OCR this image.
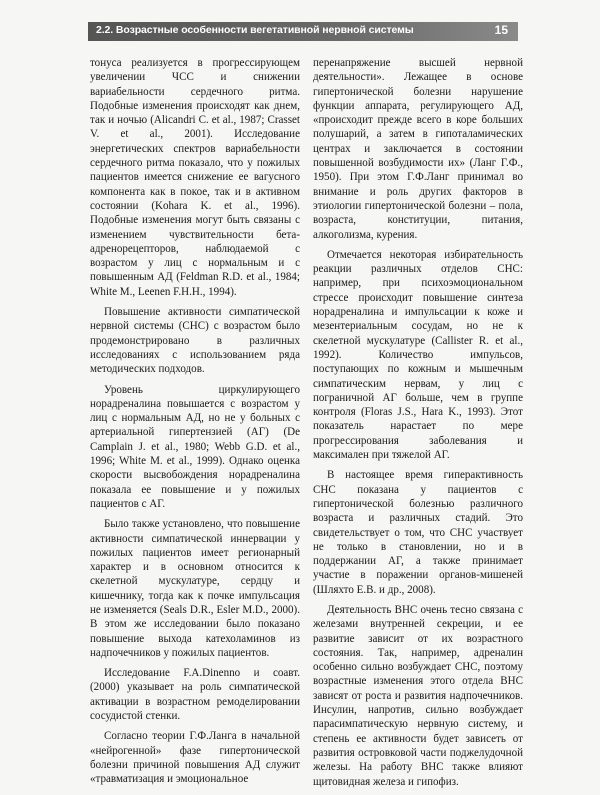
2.2. Возрастные особенности вегетативной нервной системы	15

тонуса реализуется в прогрессирующем увеличении ЧСС и снижении вариабельности сердечного ритма. Подобные изменения происходят как днем, так и ночью (Alicandri C. et al., 1987; Crasset V. et al., 2001). Исследование энергетических спектров вариабельности сердечного ритма показало, что у пожилых пациентов имеется снижение ее вагусного компонента как в покое, так и в активном состоянии (Kohara K. et al., 1996). Подобные изменения могут быть связаны с изменением чувствительности бета-адренорецепторов, наблюдаемой с возрастом у лиц с нормальным и с повышенным АД (Feldman R.D. et al., 1984; White M., Leenen F.H.H., 1994).

Повышение активности симпатической нервной системы (СНС) с возрастом было продемонстрировано в различных исследованиях с использованием ряда методических подходов.

Уровень циркулирующего норадреналина повышается с возрастом у лиц с нормальным АД, но не у больных с артериальной гипертензией (АГ) (De Camplain J. et al., 1980; Webb G.D. et al., 1996; White M. et al., 1999). Однако оценка скорости высвобождения норадреналина показала ее повышение и у пожилых пациентов с АГ.

Было также установлено, что повышение активности симпатической иннервации у пожилых пациентов имеет регионарный характер и в основном относится к скелетной мускулатуре, сердцу и кишечнику, тогда как к почке импульсация не изменяется (Seals D.R., Esler M.D., 2000). В этом же исследовании было показано повышение выхода катехоламинов из надпочечников у пожилых пациентов.

Исследование F.A.Dinenno и соавт. (2000) указывает на роль симпатической активации в возрастном ремоделировании сосудистой стенки.

Согласно теории Г.Ф.Ланга в начальной «нейрогенной» фазе гипертонической болезни причиной повышения АД служит «травматизация и эмоциональное

перенапряжение высшей нервной деятельности». Лежащее в основе гипертонической болезни нарушение функции аппарата, регулирующего АД, «происходит прежде всего в коре больших полушарий, а затем в гипоталамических центрах и заключается в состоянии повышенной возбудимости их» (Ланг Г.Ф., 1950). При этом Г.Ф.Ланг принимал во внимание и роль других факторов в этиологии гипертонической болезни – пола, возраста, конституции, питания, алкоголизма, курения.

Отмечается некоторая избирательность реакции различных отделов СНС: например, при психоэмоциональном стрессе происходит повышение синтеза норадреналина и импульсации к коже и мезентериальным сосудам, но не к скелетной мускулатуре (Callister R. et al., 1992). Количество импульсов, поступающих по кожным и мышечным симпатическим нервам, у лиц с пограничной АГ больше, чем в группе контроля (Floras J.S., Hara K., 1993). Этот показатель нарастает по мере прогрессирования заболевания и максимален при тяжелой АГ.

В настоящее время гиперактивность СНС показана у пациентов с гипертонической болезнью различного возраста и различных стадий. Это свидетельствует о том, что СНС участвует не только в становлении, но и в поддержании АГ, а также принимает участие в поражении органов-мишеней (Шляхто Е.В. и др., 2008).

Деятельность ВНС очень тесно связана с железами внутренней секреции, и ее развитие зависит от их возрастного состояния. Так, например, адреналин особенно сильно возбуждает СНС, поэтому возрастные изменения этого отдела ВНС зависят от роста и развития надпочечников. Инсулин, напротив, сильно возбуждает парасимпатическую нервную систему, и степень ее активности будет зависеть от развития островковой части поджелудочной железы. На работу ВНС также влияют щитовидная железа и гипофиз.
